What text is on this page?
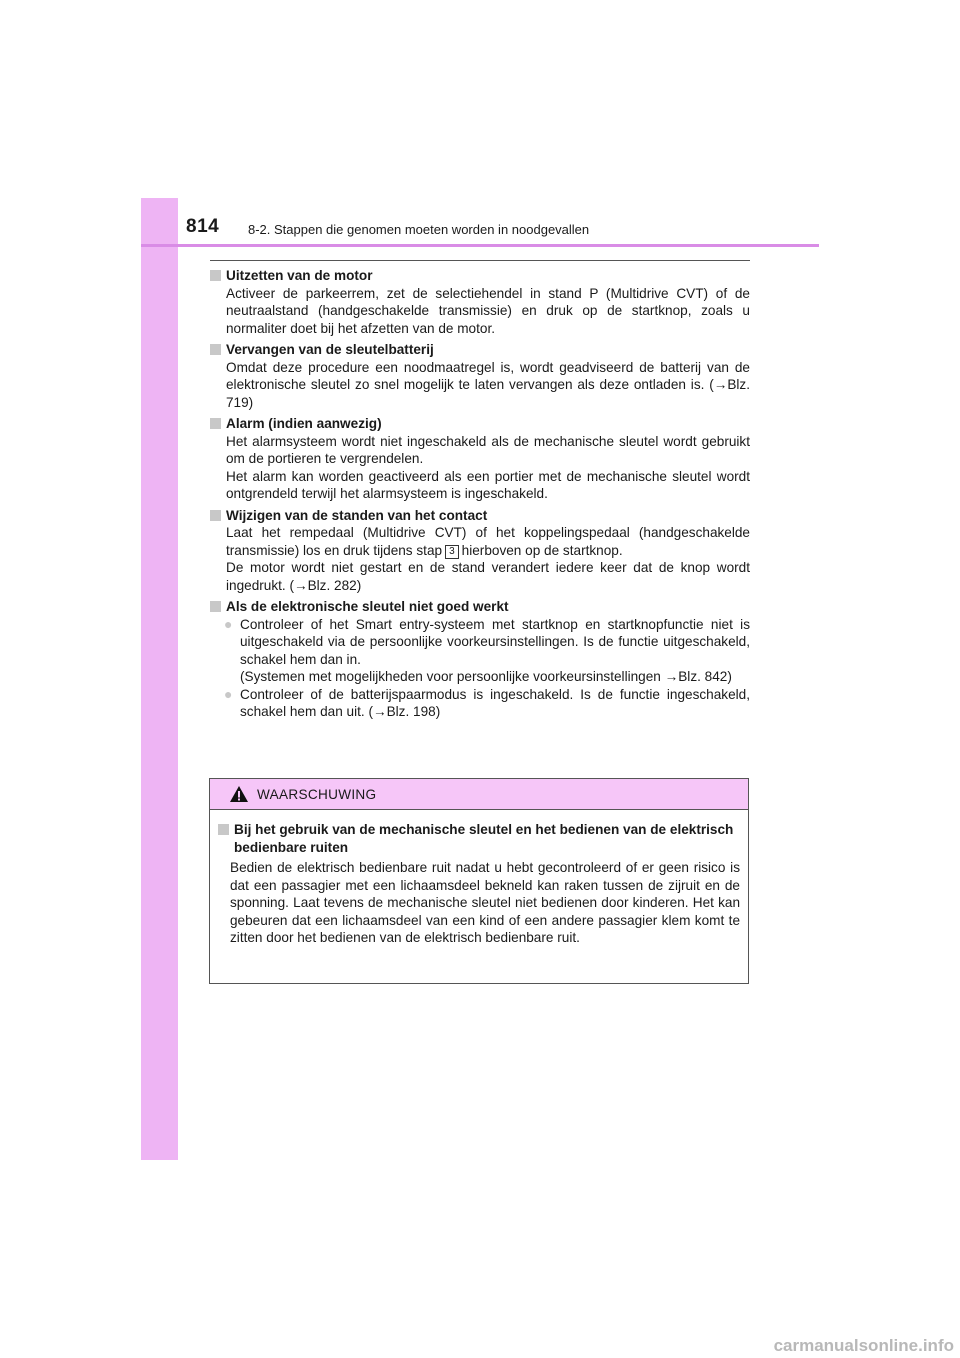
814 8-2. Stappen die genomen moeten worden in noodgevallen
Uitzetten van de motor
Activeer de parkeerrem, zet de selectiehendel in stand P (Multidrive CVT) of de neutraalstand (handgeschakelde transmissie) en druk op de startknop, zoals u normaliter doet bij het afzetten van de motor.
Vervangen van de sleutelbatterij
Omdat deze procedure een noodmaatregel is, wordt geadviseerd de batterij van de elektronische sleutel zo snel mogelijk te laten vervangen als deze ontladen is. (→Blz. 719)
Alarm (indien aanwezig)
Het alarmsysteem wordt niet ingeschakeld als de mechanische sleutel wordt gebruikt om de portieren te vergrendelen.
Het alarm kan worden geactiveerd als een portier met de mechanische sleutel wordt ontgrendeld terwijl het alarmsysteem is ingeschakeld.
Wijzigen van de standen van het contact
Laat het rempedaal (Multidrive CVT) of het koppelingspedaal (handgeschakelde transmissie) los en druk tijdens stap 3 hierboven op de startknop.
De motor wordt niet gestart en de stand verandert iedere keer dat de knop wordt ingedrukt. (→Blz. 282)
Als de elektronische sleutel niet goed werkt
● Controleer of het Smart entry-systeem met startknop en startknopfunctie niet is uitgeschakeld via de persoonlijke voorkeursinstellingen. Is de functie uitgeschakeld, schakel hem dan in.
(Systemen met mogelijkheden voor persoonlijke voorkeursinstellingen →Blz. 842)
● Controleer of de batterijspaarmodus is ingeschakeld. Is de functie ingeschakeld, schakel hem dan uit. (→Blz. 198)
WAARSCHUWING
Bij het gebruik van de mechanische sleutel en het bedienen van de elektrisch bedienbare ruiten
Bedien de elektrisch bedienbare ruit nadat u hebt gecontroleerd of er geen risico is dat een passagier met een lichaamsdeel bekneld kan raken tussen de zijruit en de sponning. Laat tevens de mechanische sleutel niet bedienen door kinderen. Het kan gebeuren dat een lichaamsdeel van een kind of een andere passagier klem komt te zitten door het bedienen van de elektrisch bedienbare ruit.
carmanualsonline.info
